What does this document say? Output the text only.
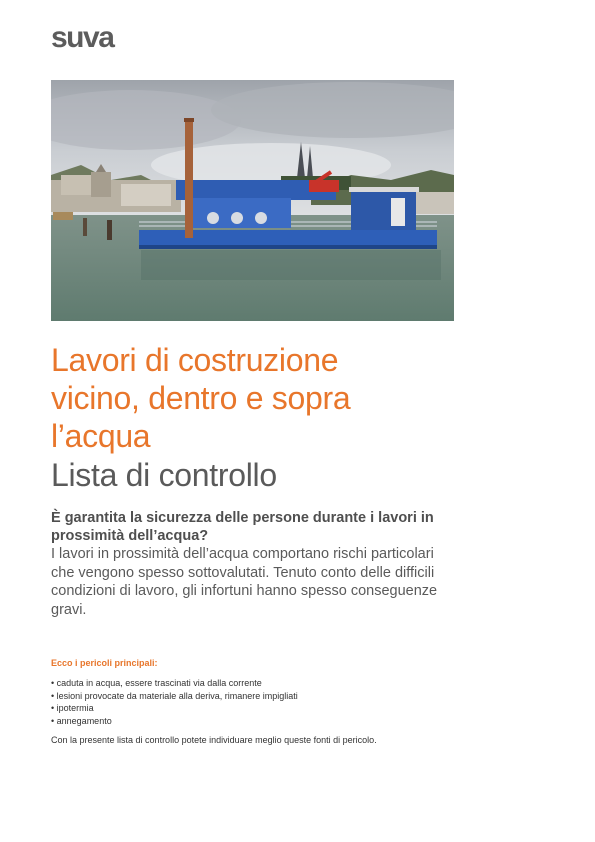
suva
Lavori di costruzione
vicino, dentro e sopra
l’acqua
Lista di controllo

È garantita la sicurezza delle persone durante i lavori in prossimità dell’acqua?

I lavori in prossimità dell’acqua comportano rischi particolari che vengono spesso sottovalutati. Tenuto conto delle difficili condizioni di lavoro, gli infortuni hanno spesso conseguenze gravi.

Ecco i pericoli principali:

• caduta in acqua, essere trascinati via dalla corrente
• lesioni provocate da materiale alla deriva, rimanere impigliati
• ipotermia
• annegamento

Con la presente lista di controllo potete individuare meglio queste fonti di pericolo.
